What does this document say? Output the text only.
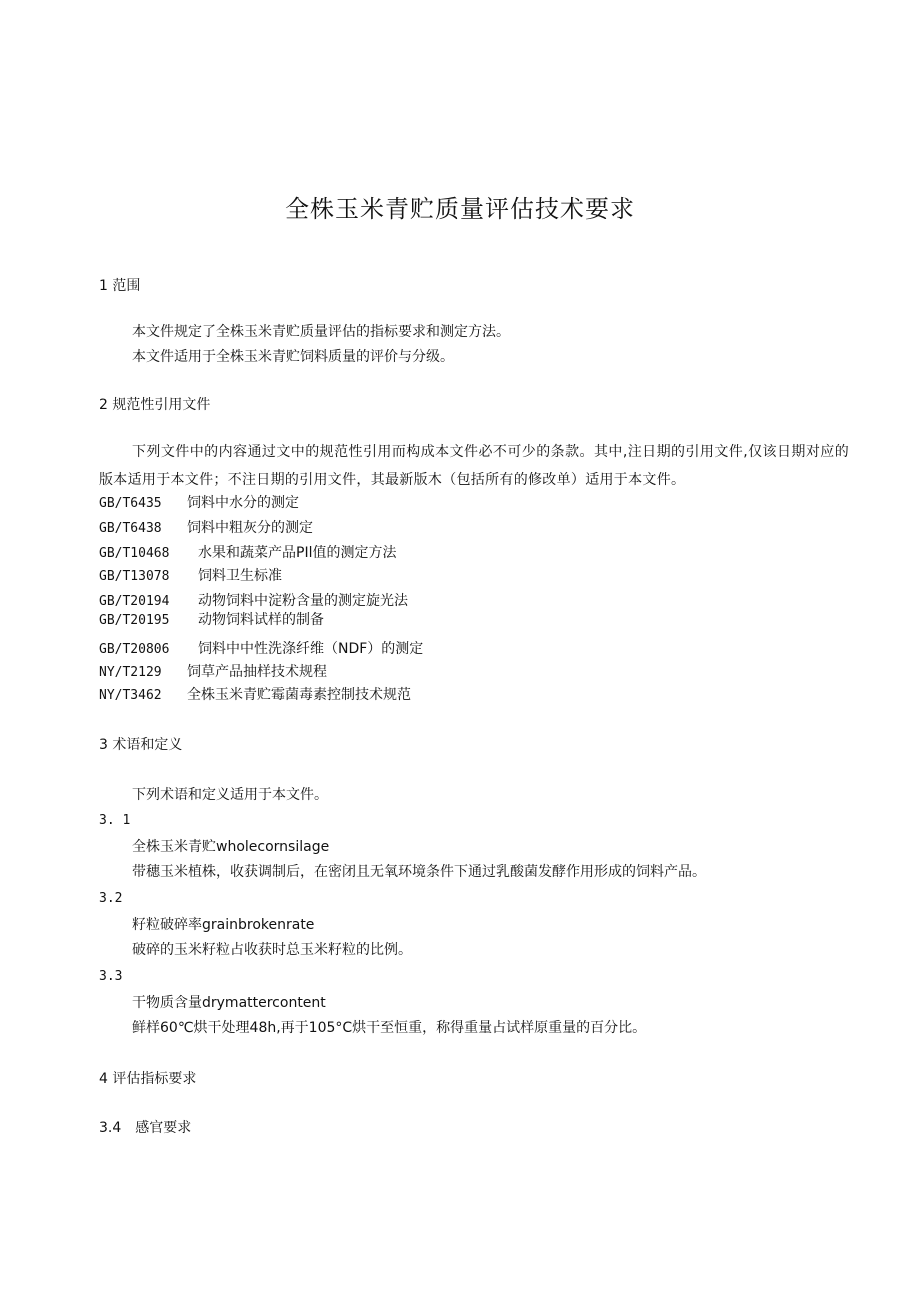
全株玉米青贮质量评估技术要求
1 范围
本文件规定了全株玉米青贮质量评估的指标要求和测定方法。
本文件适用于全株玉米青贮饲料质量的评价与分级。
2 规范性引用文件
下列文件中的内容通过文中的规范性引用而构成本文件必不可少的条款。其中,注日期的引用文件,仅该日期对应的版本适用于本文件；不注日期的引用文件，其最新版木（包括所有的修改单）适用于本文件。
GB/T6435 饲料中水分的测定
GB/T6438 饲料中粗灰分的测定
GB/T10468 水果和蔬菜产品PIl值的测定方法
GB/T13078 饲料卫生标准
GB/T20194 动物饲料中淀粉含量的测定旋光法
GB/T20195 动物饲料试样的制备
GB/T20806 饲料中中性洗涤纤维（NDF）的测定
NY/T2129 饲草产品抽样技术规程
NY/T3462 全株玉米青贮霉菌毒素控制技术规范
3 术语和定义
下列术语和定义适用于本文件。
3. 1
全株玉米青贮wholecornsilage
带穗玉米植株，收获调制后，在密闭且无氧环境条件下通过乳酸菌发酵作用形成的饲料产品。
3.2
籽粒破碎率grainbrokenrate
破碎的玉米籽粒占收获时总玉米籽粒的比例。
3.3
干物质含量drymattercontent
鲜样60℃烘干处理48h,再于105°C烘干至恒重，称得重量占试样原重量的百分比。
4 评估指标要求
3.4　感官要求
